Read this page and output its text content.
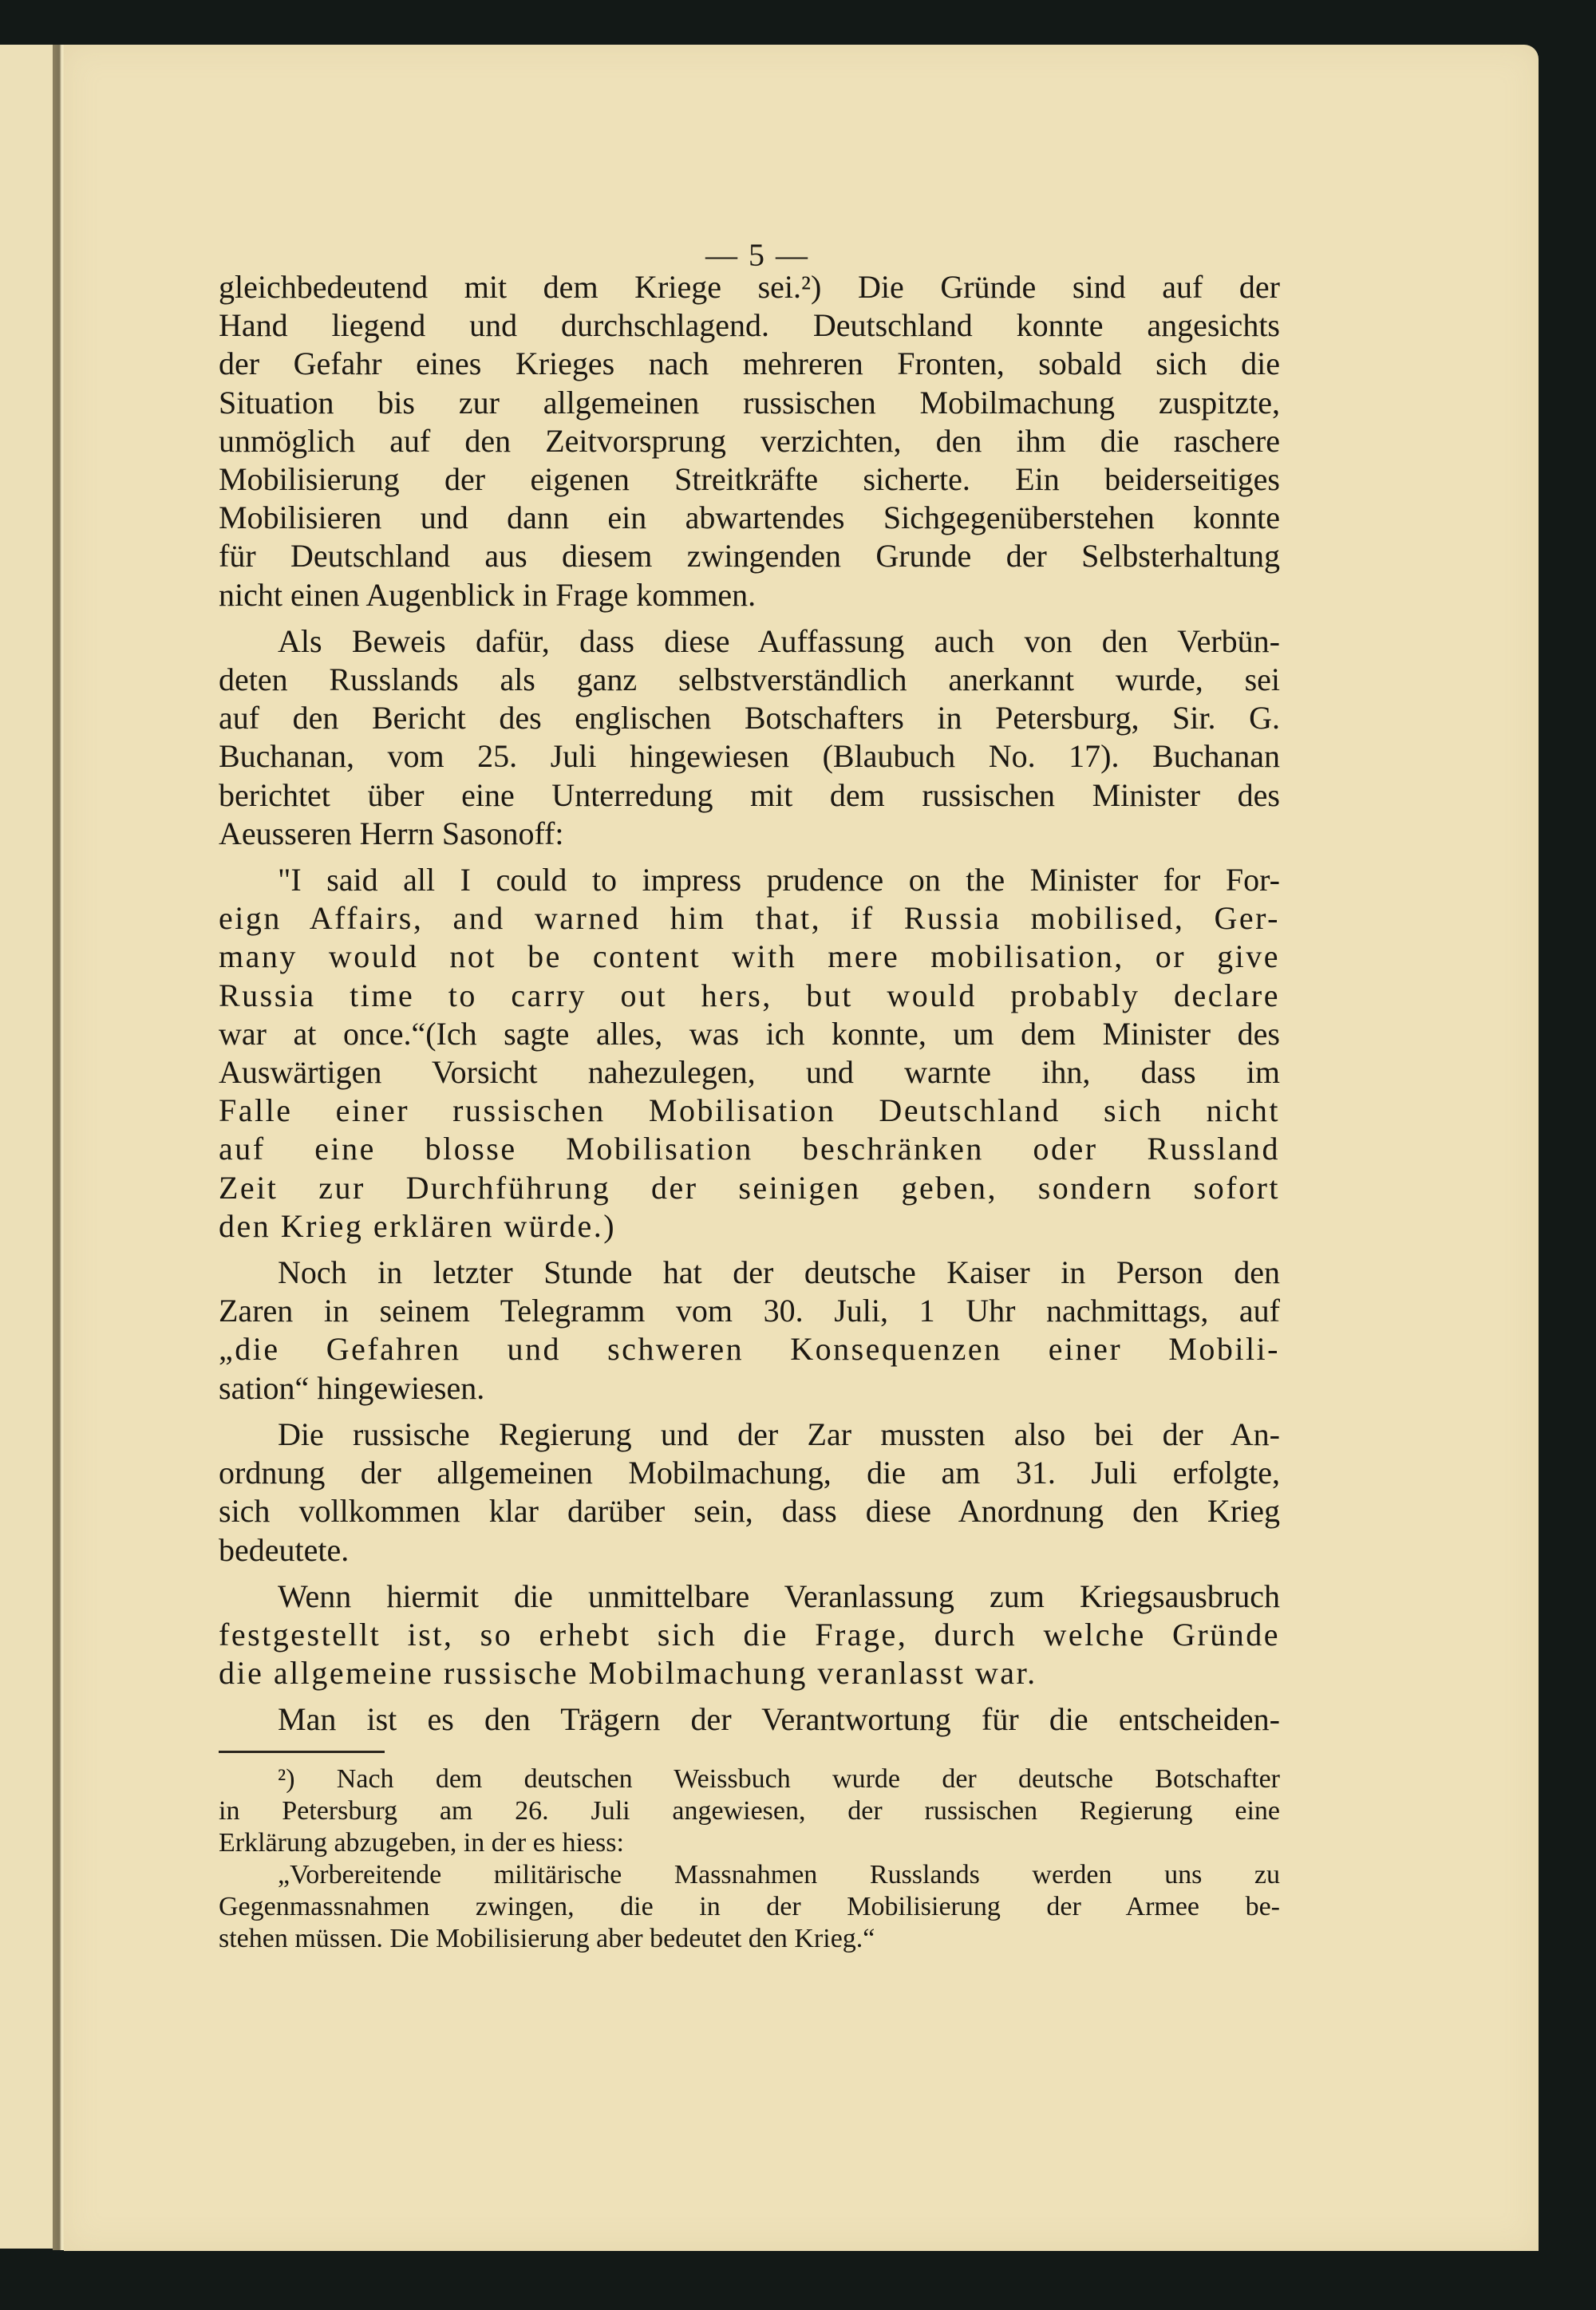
— 5 —

gleichbedeutend mit dem Kriege sei.²) Die Gründe sind auf der
Hand liegend und durchschlagend. Deutschland konnte angesichts
der Gefahr eines Krieges nach mehreren Fronten, sobald sich die
Situation bis zur allgemeinen russischen Mobilmachung zuspitzte,
unmöglich auf den Zeitvorsprung verzichten, den ihm die raschere
Mobilisierung der eigenen Streitkräfte sicherte. Ein beiderseitiges
Mobilisieren und dann ein abwartendes Sichgegenüberstehen konnte
für Deutschland aus diesem zwingenden Grunde der Selbsterhaltung
nicht einen Augenblick in Frage kommen.

Als Beweis dafür, dass diese Auffassung auch von den Verbün-
deten Russlands als ganz selbstverständlich anerkannt wurde, sei
auf den Bericht des englischen Botschafters in Petersburg, Sir. G.
Buchanan, vom 25. Juli hingewiesen (Blaubuch No. 17). Buchanan
berichtet über eine Unterredung mit dem russischen Minister des
Aeusseren Herrn Sasonoff:

"I said all I could to impress prudence on the Minister for For-
eign Affairs, and warned him that, if Russia mobilised, Ger-
many would not be content with mere mobilisation, or give
Russia time to carry out hers, but would probably declare
war at once.“(Ich sagte alles, was ich konnte, um dem Minister des
Auswärtigen Vorsicht nahezulegen, und warnte ihn, dass im
Falle einer russischen Mobilisation Deutschland sich nicht
auf eine blosse Mobilisation beschränken oder Russland
Zeit zur Durchführung der seinigen geben, sondern sofort
den Krieg erklären würde.)

Noch in letzter Stunde hat der deutsche Kaiser in Person den
Zaren in seinem Telegramm vom 30. Juli, 1 Uhr nachmittags, auf
„die Gefahren und schweren Konsequenzen einer Mobili-
sation“ hingewiesen.

Die russische Regierung und der Zar mussten also bei der An-
ordnung der allgemeinen Mobilmachung, die am 31. Juli erfolgte,
sich vollkommen klar darüber sein, dass diese Anordnung den Krieg
bedeutete.

Wenn hiermit die unmittelbare Veranlassung zum Kriegsausbruch
festgestellt ist, so erhebt sich die Frage, durch welche Gründe
die allgemeine russische Mobilmachung veranlasst war.

Man ist es den Trägern der Verantwortung für die entscheiden-

²) Nach dem deutschen Weissbuch wurde der deutsche Botschafter
in Petersburg am 26. Juli angewiesen, der russischen Regierung eine
Erklärung abzugeben, in der es hiess:
„Vorbereitende militärische Massnahmen Russlands werden uns zu
Gegenmassnahmen zwingen, die in der Mobilisierung der Armee be-
stehen müssen. Die Mobilisierung aber bedeutet den Krieg.“
